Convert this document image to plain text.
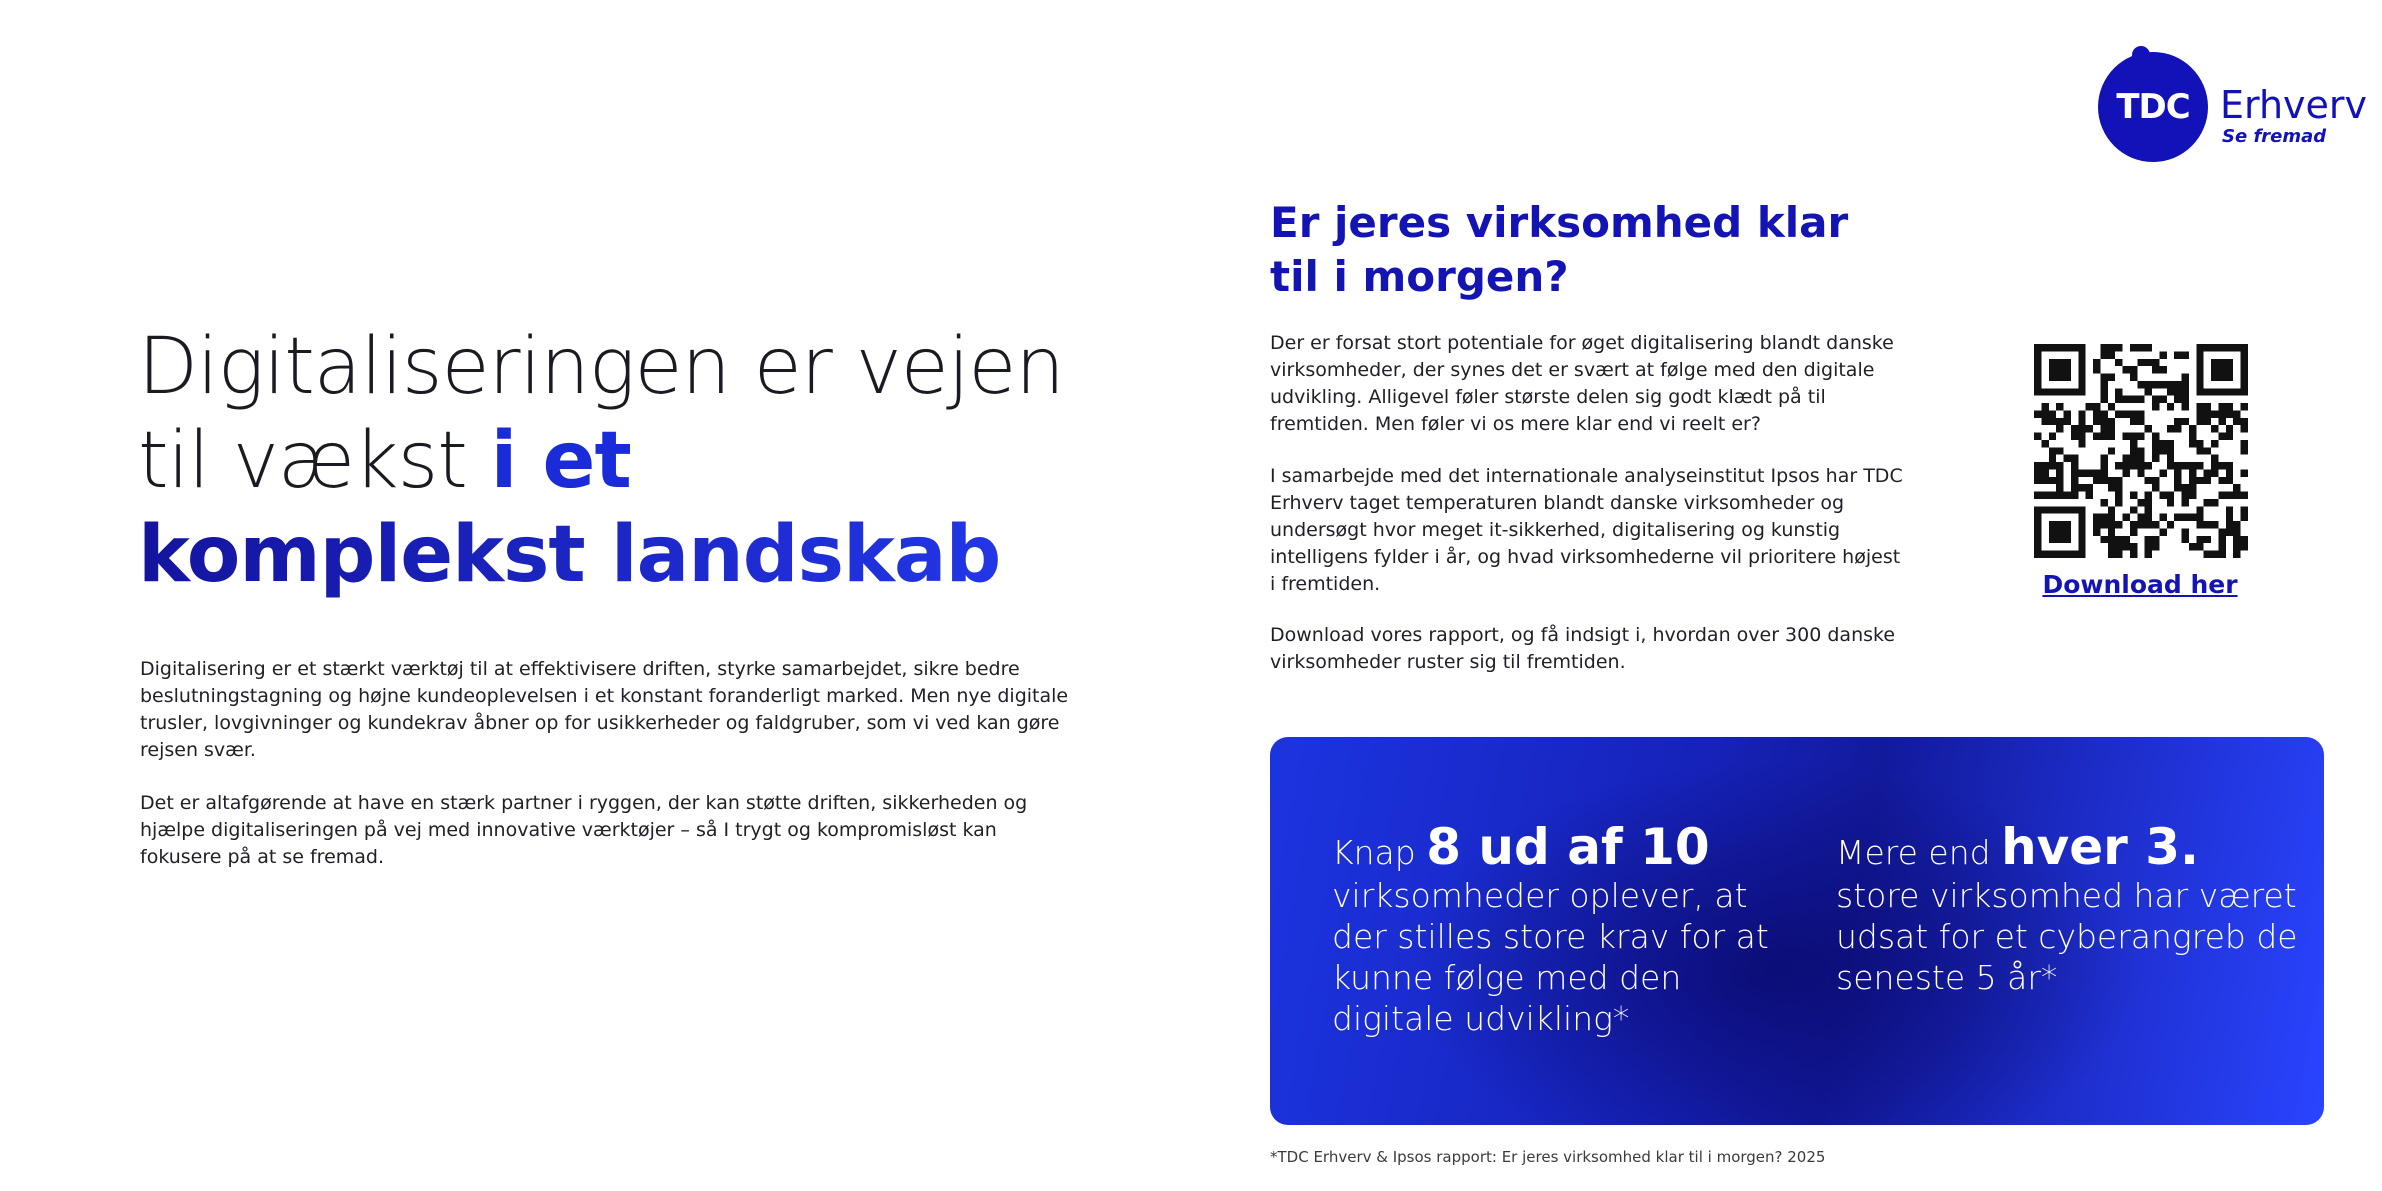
TDC Erhverv
Se fremad
Digitaliseringen er vejen til vækst i et
komplekst landskab

Digitalisering er et stærkt værktøj til at effektivisere driften, styrke samarbejdet, sikre bedre beslutningstagning og højne kundeoplevelsen i et konstant foranderligt marked. Men nye digitale trusler, lovgivninger og kundekrav åbner op for usikkerheder og faldgruber, som vi ved kan gøre rejsen svær.

Det er altafgørende at have en stærk partner i ryggen, der kan støtte driften, sikkerheden og hjælpe digitaliseringen på vej med innovative værktøjer – så I trygt og kompromisløst kan fokusere på at se fremad.

Er jeres virksomhed klar til i morgen?

Der er forsat stort potentiale for øget digitalisering blandt danske virksomheder, der synes det er svært at følge med den digitale udvikling. Alligevel føler største delen sig godt klædt på til fremtiden. Men føler vi os mere klar end vi reelt er?

I samarbejde med det internationale analyseinstitut Ipsos har TDC Erhverv taget temperaturen blandt danske virksomheder og undersøgt hvor meget it-sikkerhed, digitalisering og kunstig intelligens fylder i år, og hvad virksomhederne vil prioritere højest i fremtiden.

Download vores rapport, og få indsigt i, hvordan over 300 danske virksomheder ruster sig til fremtiden.

Download her
Knap 8 ud af 10
virksomheder oplever, at der stilles store krav for at kunne følge med den digitale udvikling*
Mere end hver 3.
store virksomhed har været udsat for et cyberangreb de seneste 5 år*
*TDC Erhverv & Ipsos rapport: Er jeres virksomhed klar til i morgen? 2025
